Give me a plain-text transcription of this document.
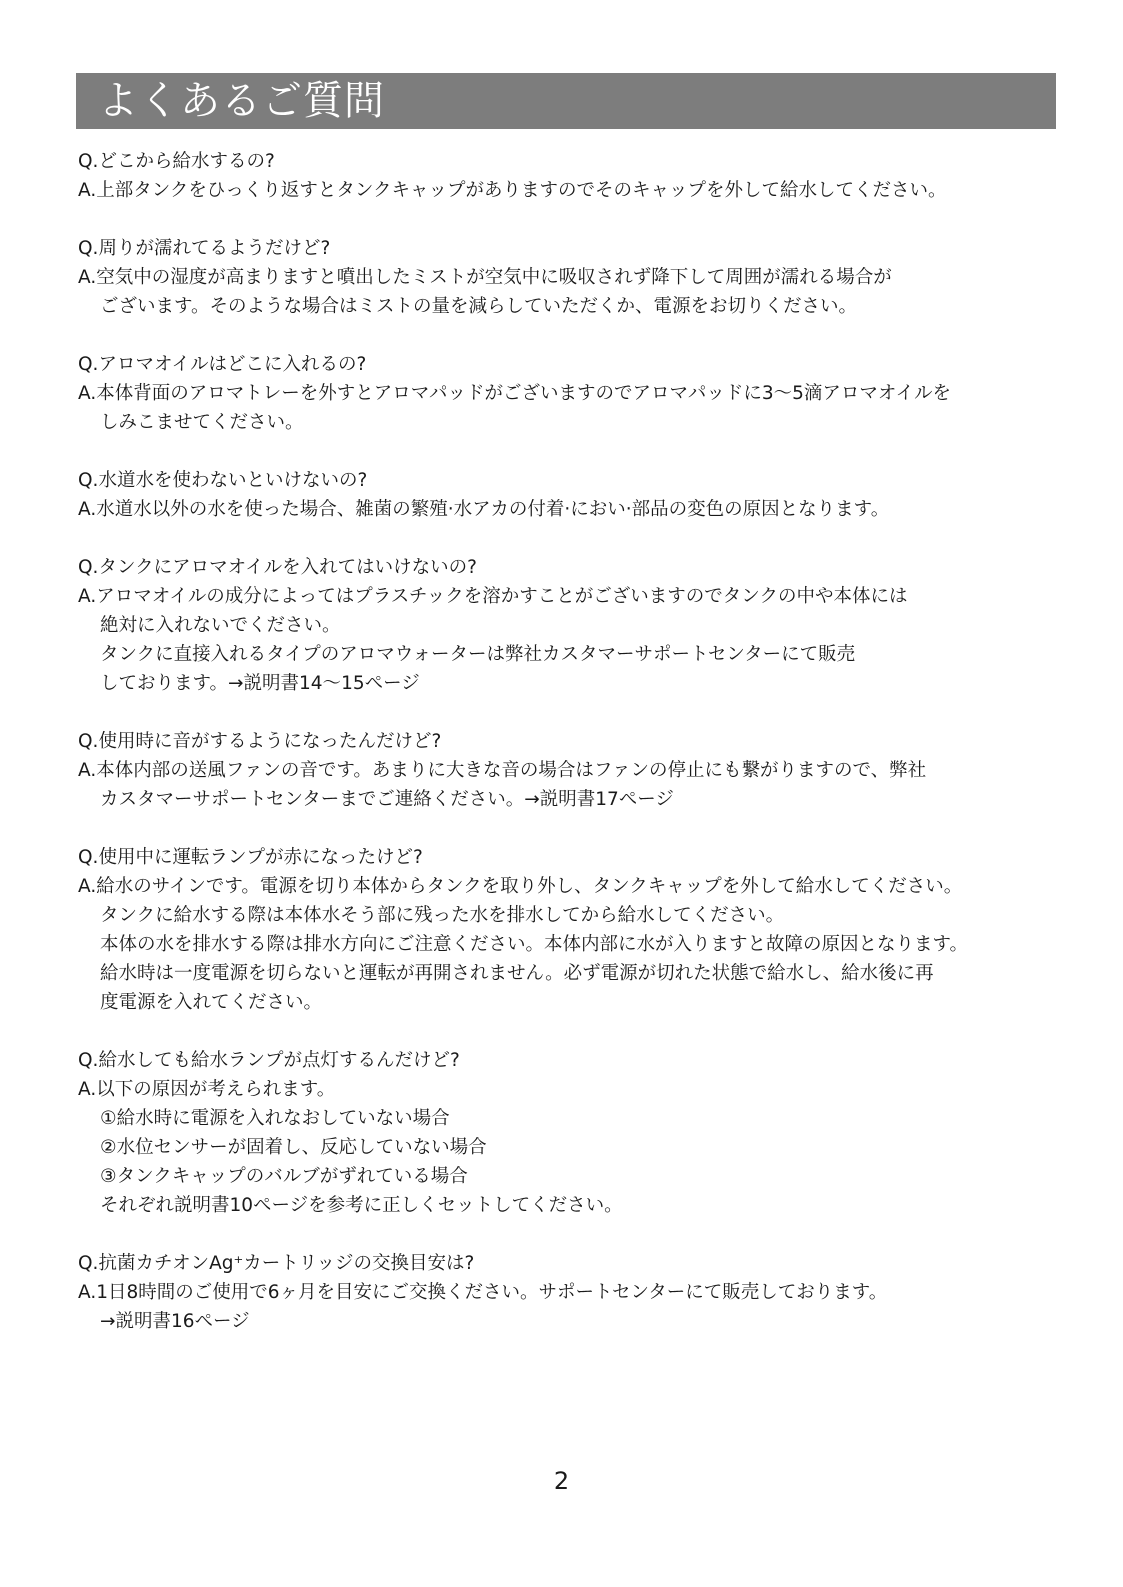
よくあるご質問
Q.どこから給水するの?
A.上部タンクをひっくり返すとタンクキャップがありますのでそのキャップを外して給水してください。
Q.周りが濡れてるようだけど?
A.空気中の湿度が高まりますと噴出したミストが空気中に吸収されず降下して周囲が濡れる場合が
ございます。そのような場合はミストの量を減らしていただくか、電源をお切りください。
Q.アロマオイルはどこに入れるの?
A.本体背面のアロマトレーを外すとアロマパッドがございますのでアロマパッドに3～5滴アロマオイルを
しみこませてください。
Q.水道水を使わないといけないの?
A.水道水以外の水を使った場合、雑菌の繁殖·水アカの付着·におい·部品の変色の原因となります。
Q.タンクにアロマオイルを入れてはいけないの?
A.アロマオイルの成分によってはプラスチックを溶かすことがございますのでタンクの中や本体には
絶対に入れないでください。
タンクに直接入れるタイプのアロマウォーターは弊社カスタマーサポートセンターにて販売
しております。→説明書14～15ページ
Q.使用時に音がするようになったんだけど?
A.本体内部の送風ファンの音です。あまりに大きな音の場合はファンの停止にも繋がりますので、弊社
カスタマーサポートセンターまでご連絡ください。→説明書17ページ
Q.使用中に運転ランプが赤になったけど?
A.給水のサインです。電源を切り本体からタンクを取り外し、タンクキャップを外して給水してください。
タンクに給水する際は本体水そう部に残った水を排水してから給水してください。
本体の水を排水する際は排水方向にご注意ください。本体内部に水が入りますと故障の原因となります。
給水時は一度電源を切らないと運転が再開されません。必ず電源が切れた状態で給水し、給水後に再
度電源を入れてください。
Q.給水しても給水ランプが点灯するんだけど?
A.以下の原因が考えられます。
①給水時に電源を入れなおしていない場合
②水位センサーが固着し、反応していない場合
③タンクキャップのバルブがずれている場合
それぞれ説明書10ページを参考に正しくセットしてください。
Q.抗菌カチオンAg⁺カートリッジの交換目安は?
A.1日8時間のご使用で6ヶ月を目安にご交換ください。サポートセンターにて販売しております。
→説明書16ページ
2
